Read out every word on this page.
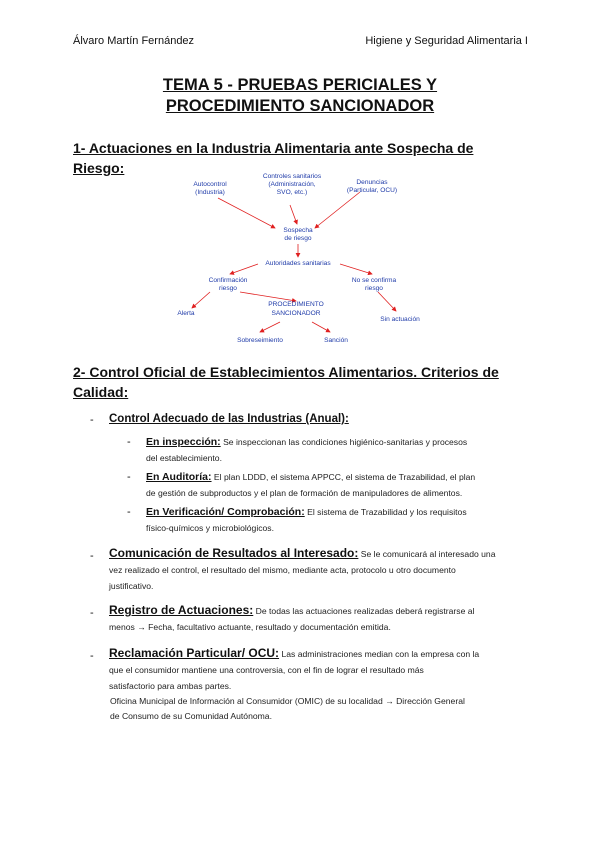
Álvaro Martín Fernández	Higiene y Seguridad Alimentaria I
TEMA 5 - PRUEBAS PERICIALES Y
PROCEDIMIENTO SANCIONADOR
1- Actuaciones en la Industria Alimentaria ante Sospecha de
Riesgo:
Autocontrol
(Industria)
Controles sanitarios
(Administración,
SVO, etc.)
Denuncias
(Particular, OCU)
Sospecha
de riesgo
Autoridades sanitarias
Confirmación
riesgo
No se confirma
riesgo
Alerta
PROCEDIMIENTO
SANCIONADOR
Sin actuación
Sobreseimiento	Sanción
2- Control Oficial de Establecimientos Alimentarios. Criterios de
Calidad:
- Control Adecuado de las Industrias (Anual):
- En inspección: Se inspeccionan las condiciones higiénico-sanitarias y procesos
del establecimiento.
- En Auditoría: El plan LDDD, el sistema APPCC, el sistema de Trazabilidad, el plan
de gestión de subproductos y el plan de formación de manipuladores de alimentos.
- En Verificación/ Comprobación: El sistema de Trazabilidad y los requisitos
físico-químicos y microbiológicos.
- Comunicación de Resultados al Interesado: Se le comunicará al interesado una
vez realizado el control, el resultado del mismo, mediante acta, protocolo u otro documento
justificativo.
- Registro de Actuaciones: De todas las actuaciones realizadas deberá registrarse al
menos → Fecha, facultativo actuante, resultado y documentación emitida.
- Reclamación Particular/ OCU: Las administraciones median con la empresa con la
que el consumidor mantiene una controversia, con el fin de lograr el resultado más
satisfactorio para ambas partes.
Oficina Municipal de Información al Consumidor (OMIC) de su localidad → Dirección General
de Consumo de su Comunidad Autónoma.
